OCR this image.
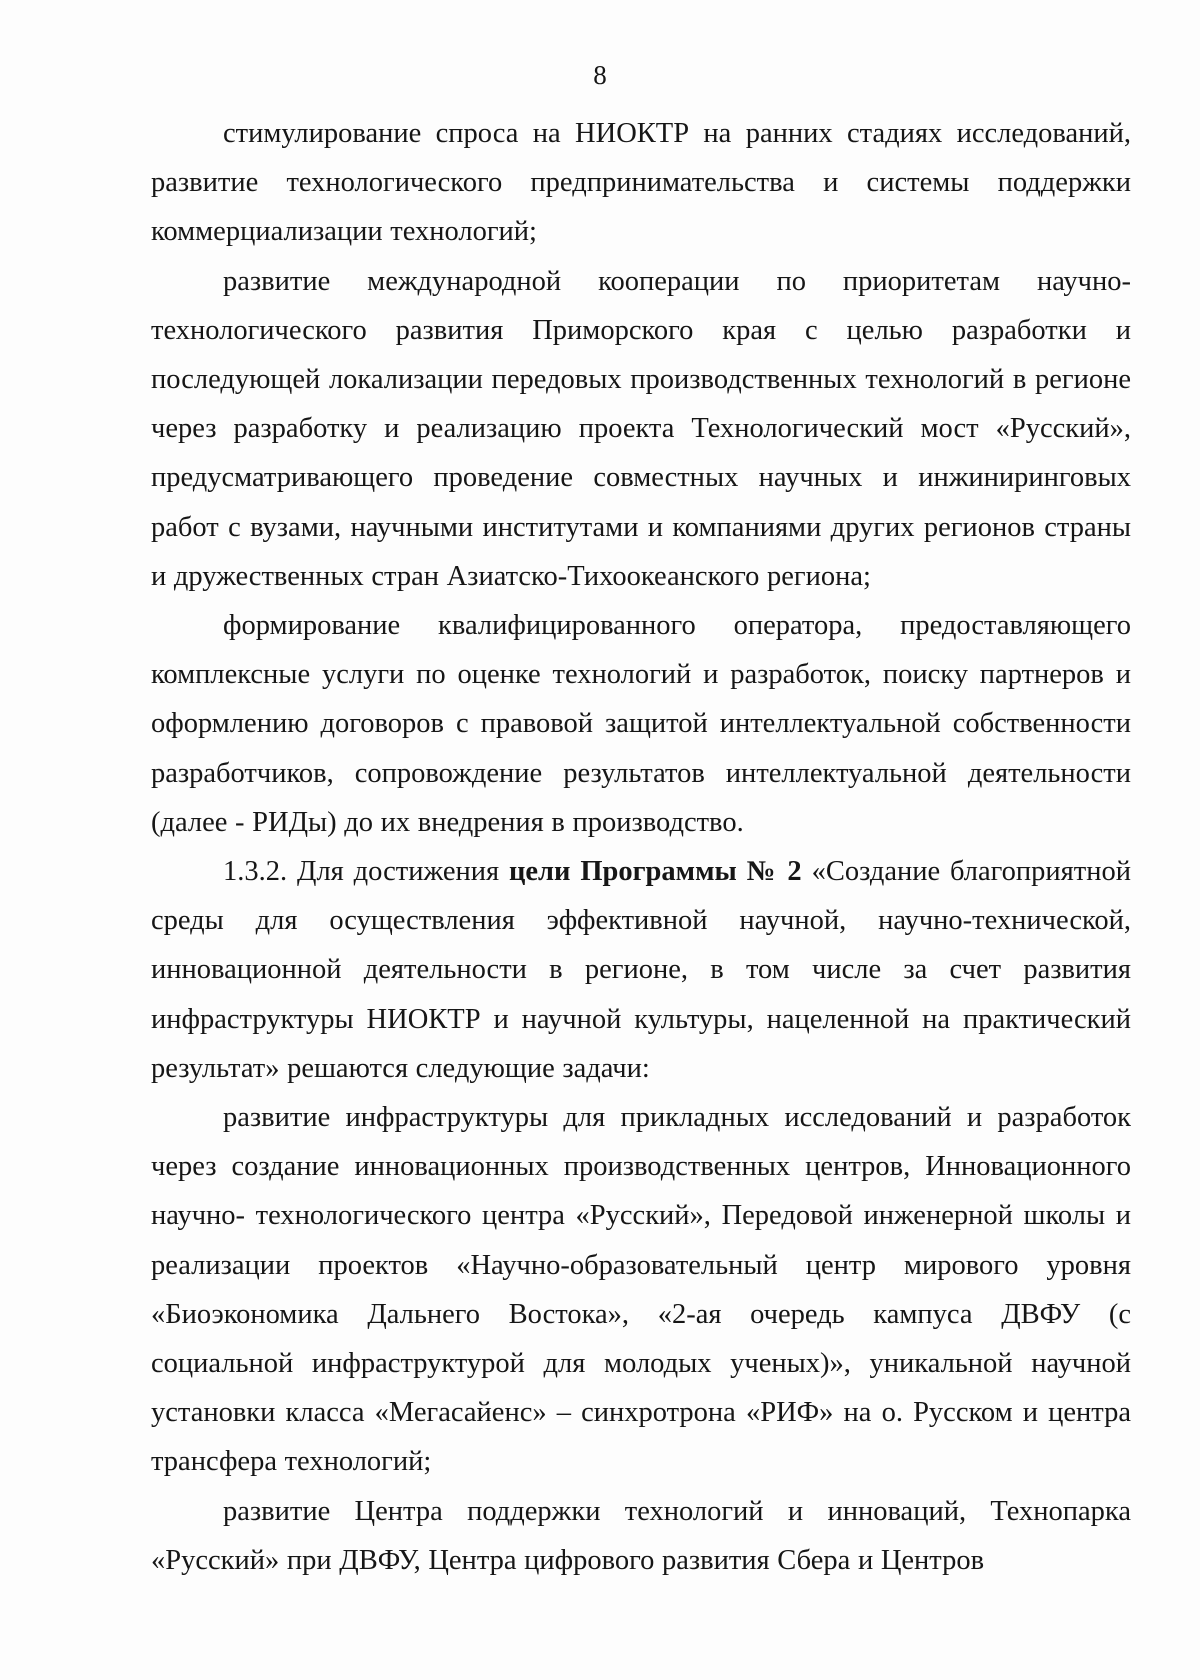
8

стимулирование спроса на НИОКТР на ранних стадиях исследований, развитие технологического предпринимательства и системы поддержки коммерциализации технологий;

развитие международной кооперации по приоритетам научно-технологического развития Приморского края с целью разработки и последующей локализации передовых производственных технологий в регионе через разработку и реализацию проекта Технологический мост «Русский», предусматривающего проведение совместных научных и инжиниринговых работ с вузами, научными институтами и компаниями других регионов страны и дружественных стран Азиатско-Тихоокеанского региона;

формирование квалифицированного оператора, предоставляющего комплексные услуги по оценке технологий и разработок, поиску партнеров и оформлению договоров с правовой защитой интеллектуальной собственности разработчиков, сопровождение результатов интеллектуальной деятельности (далее - РИДы) до их внедрения в производство.

1.3.2. Для достижения цели Программы № 2 «Создание благоприятной среды для осуществления эффективной научной, научно-технической, инновационной деятельности в регионе, в том числе за счет развития инфраструктуры НИОКТР и научной культуры, нацеленной на практический результат» решаются следующие задачи:

развитие инфраструктуры для прикладных исследований и разработок через создание инновационных производственных центров, Инновационного научно- технологического центра «Русский», Передовой инженерной школы и реализации проектов «Научно-образовательный центр мирового уровня «Биоэкономика Дальнего Востока», «2-ая очередь кампуса ДВФУ (с социальной инфраструктурой для молодых ученых)», уникальной научной установки класса «Мегасайенс» – синхротрона «РИФ» на о. Русском и центра трансфера технологий;

развитие Центра поддержки технологий и инноваций, Технопарка «Русский» при ДВФУ, Центра цифрового развития Сбера и Центров
